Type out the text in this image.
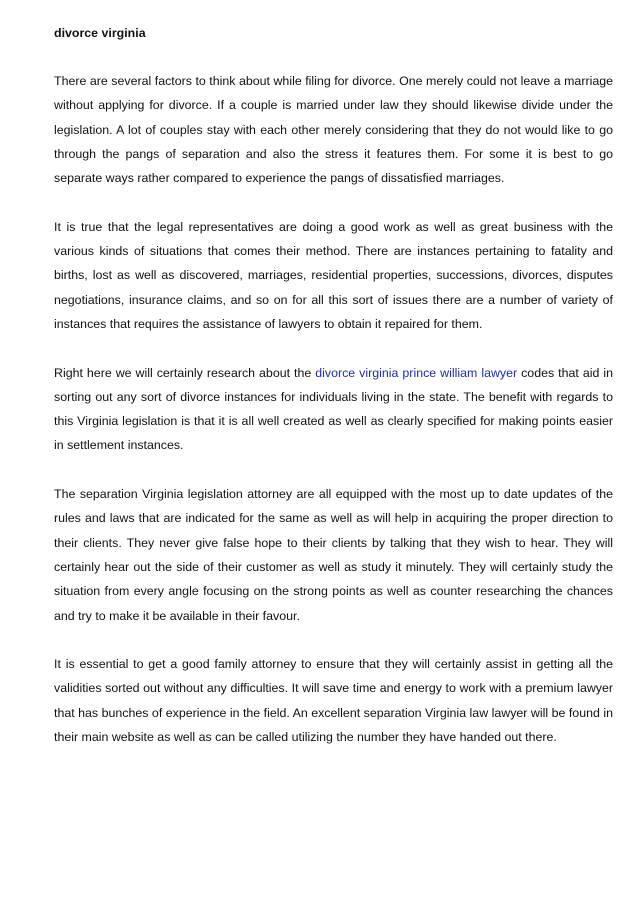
divorce virginia

There are several factors to think about while filing for divorce. One merely could not leave a marriage without applying for divorce. If a couple is married under law they should likewise divide under the legislation. A lot of couples stay with each other merely considering that they do not would like to go through the pangs of separation and also the stress it features them. For some it is best to go separate ways rather compared to experience the pangs of dissatisfied marriages.

It is true that the legal representatives are doing a good work as well as great business with the various kinds of situations that comes their method. There are instances pertaining to fatality and births, lost as well as discovered, marriages, residential properties, successions, divorces, disputes negotiations, insurance claims, and so on for all this sort of issues there are a number of variety of instances that requires the assistance of lawyers to obtain it repaired for them.

Right here we will certainly research about the divorce virginia prince william lawyer codes that aid in sorting out any sort of divorce instances for individuals living in the state. The benefit with regards to this Virginia legislation is that it is all well created as well as clearly specified for making points easier in settlement instances.

The separation Virginia legislation attorney are all equipped with the most up to date updates of the rules and laws that are indicated for the same as well as will help in acquiring the proper direction to their clients. They never give false hope to their clients by talking that they wish to hear. They will certainly hear out the side of their customer as well as study it minutely. They will certainly study the situation from every angle focusing on the strong points as well as counter researching the chances and try to make it be available in their favour.

It is essential to get a good family attorney to ensure that they will certainly assist in getting all the validities sorted out without any difficulties. It will save time and energy to work with a premium lawyer that has bunches of experience in the field. An excellent separation Virginia law lawyer will be found in their main website as well as can be called utilizing the number they have handed out there.
